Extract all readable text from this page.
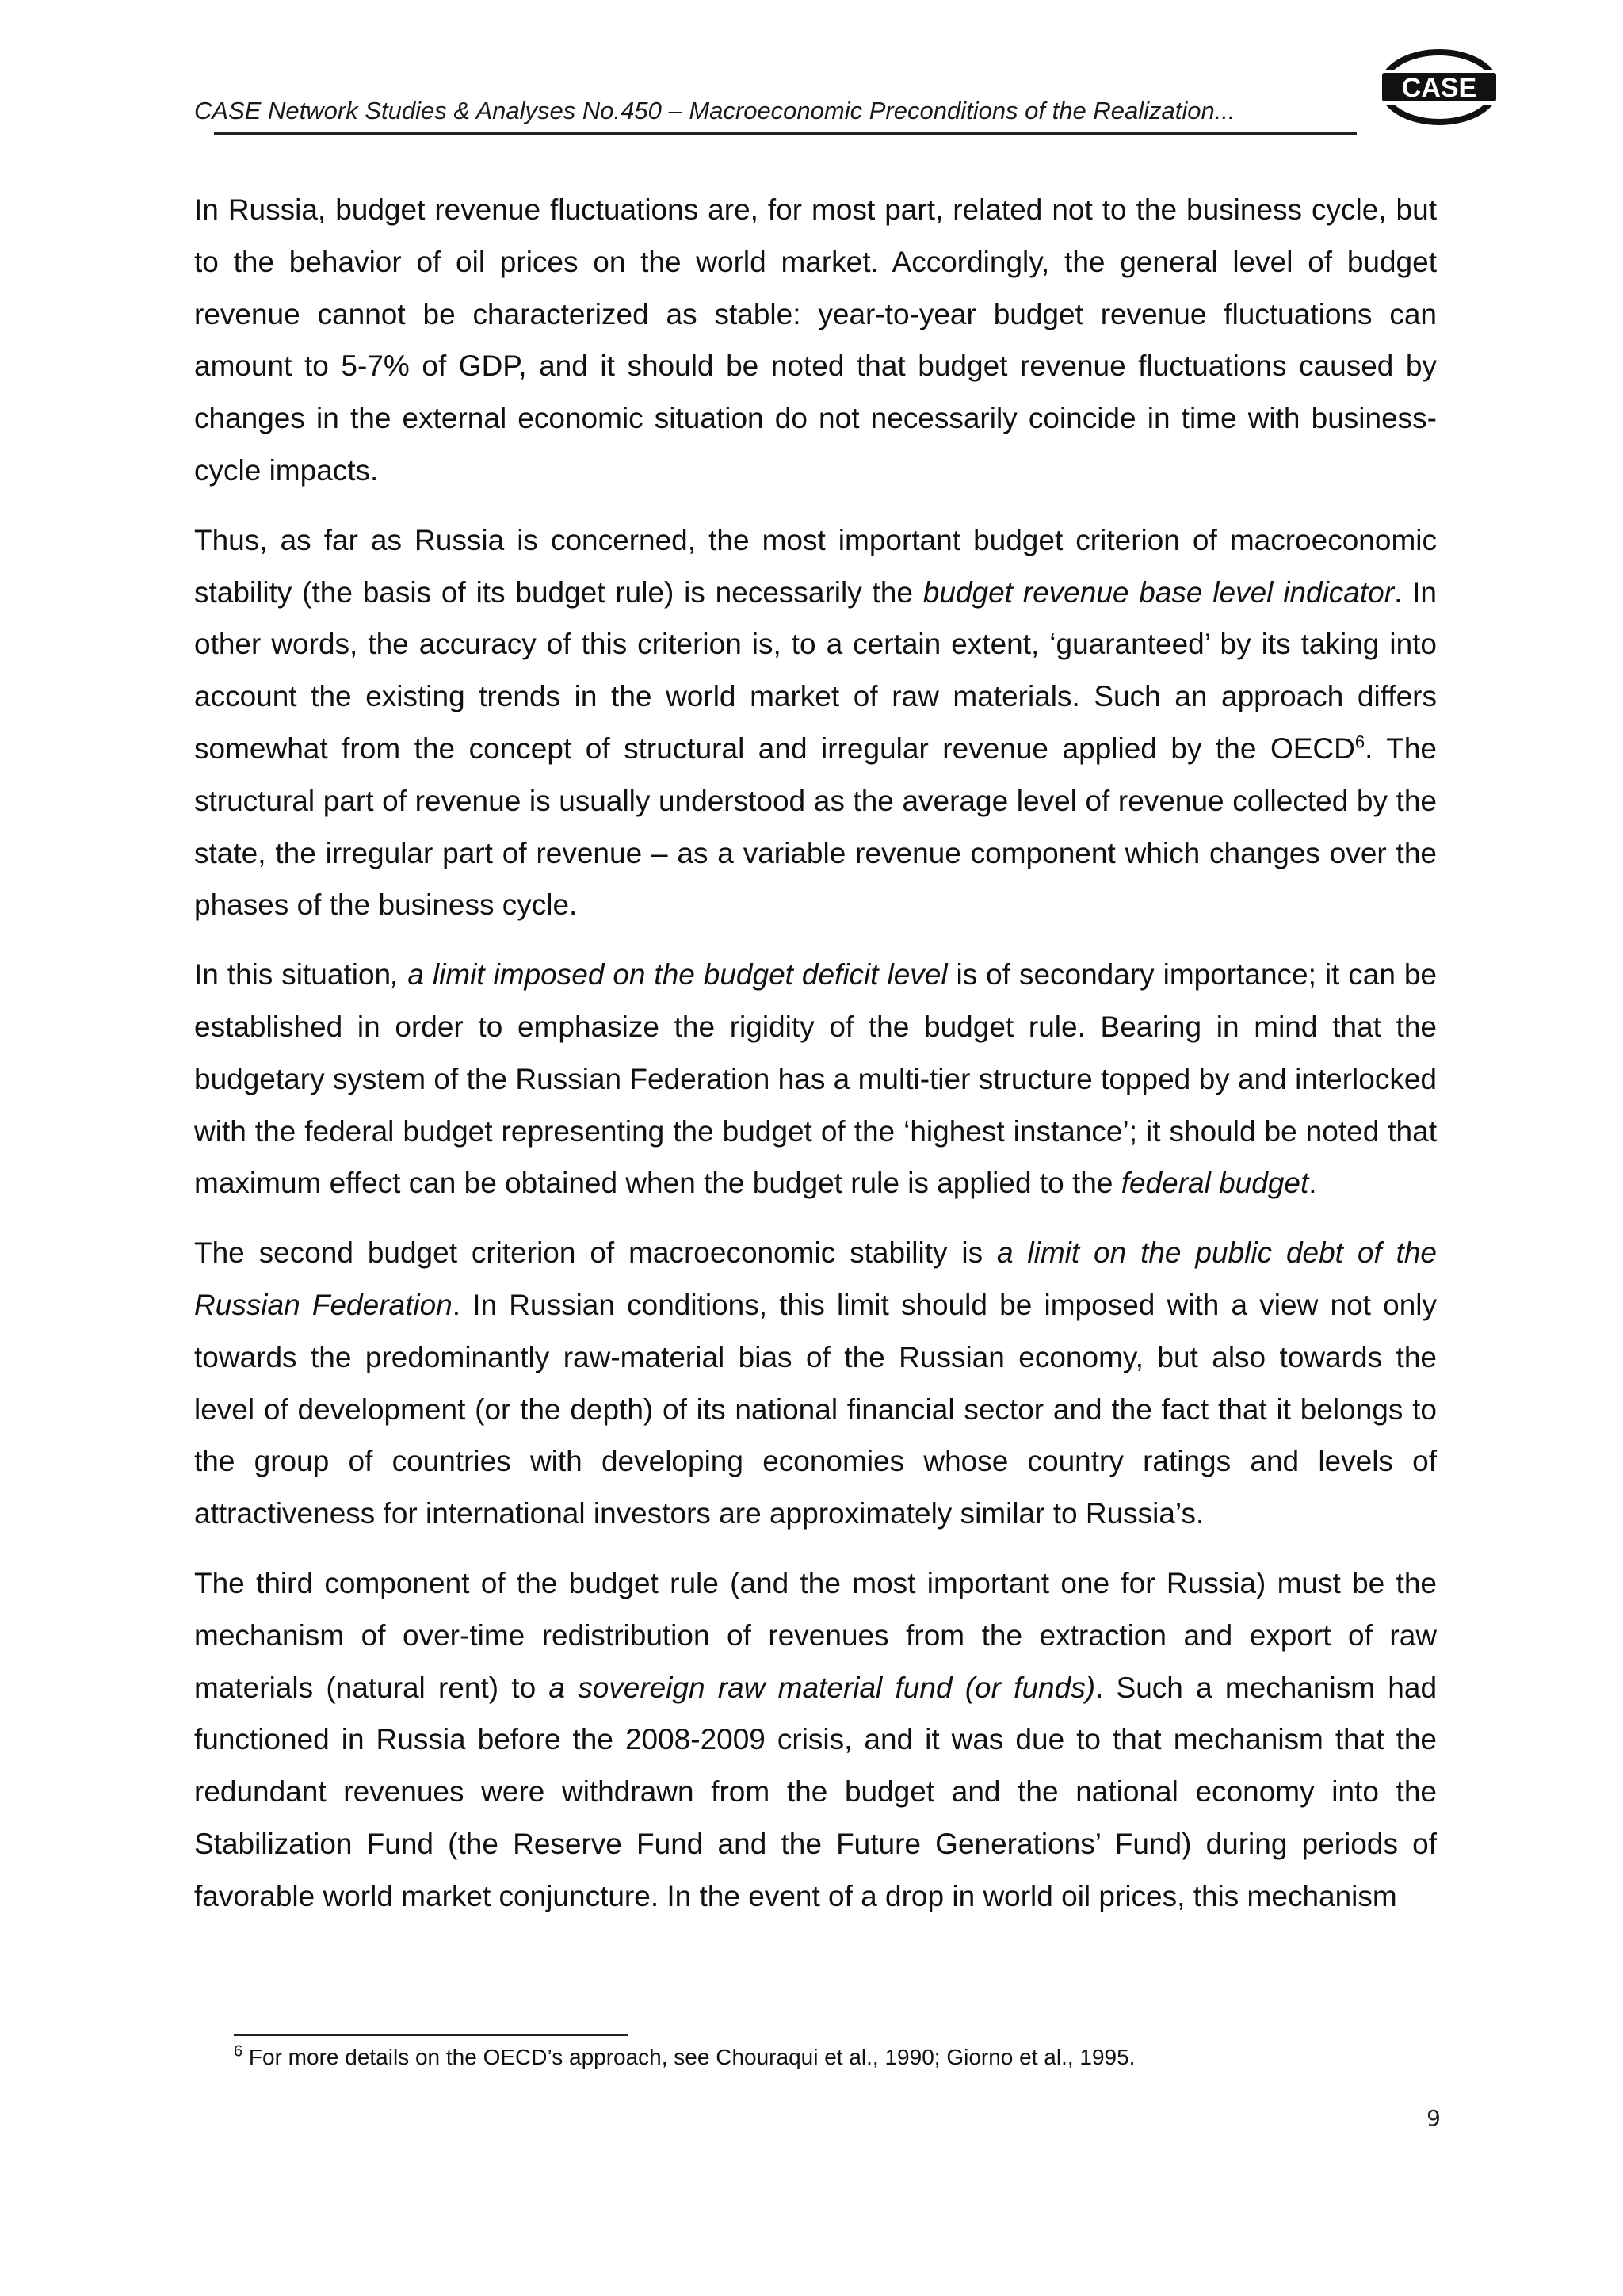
CASE Network Studies & Analyses No.450 – Macroeconomic Preconditions of the Realization...
CASE

In Russia, budget revenue fluctuations are, for most part, related not to the business cycle, but to the behavior of oil prices on the world market. Accordingly, the general level of budget revenue cannot be characterized as stable: year-to-year budget revenue fluctuations can amount to 5-7% of GDP, and it should be noted that budget revenue fluctuations caused by changes in the external economic situation do not necessarily coincide in time with business-cycle impacts.

Thus, as far as Russia is concerned, the most important budget criterion of macroeconomic stability (the basis of its budget rule) is necessarily the budget revenue base level indicator. In other words, the accuracy of this criterion is, to a certain extent, ‘guaranteed’ by its taking into account the existing trends in the world market of raw materials. Such an approach differs somewhat from the concept of structural and irregular revenue applied by the OECD$^6$. The structural part of revenue is usually understood as the average level of revenue collected by the state, the irregular part of revenue – as a variable revenue component which changes over the phases of the business cycle.

In this situation, a limit imposed on the budget deficit level is of secondary importance; it can be established in order to emphasize the rigidity of the budget rule. Bearing in mind that the budgetary system of the Russian Federation has a multi-tier structure topped by and interlocked with the federal budget representing the budget of the ‘highest instance’; it should be noted that maximum effect can be obtained when the budget rule is applied to the federal budget.

The second budget criterion of macroeconomic stability is a limit on the public debt of the Russian Federation. In Russian conditions, this limit should be imposed with a view not only towards the predominantly raw-material bias of the Russian economy, but also towards the level of development (or the depth) of its national financial sector and the fact that it belongs to the group of countries with developing economies whose country ratings and levels of attractiveness for international investors are approximately similar to Russia’s.

The third component of the budget rule (and the most important one for Russia) must be the mechanism of over-time redistribution of revenues from the extraction and export of raw materials (natural rent) to a sovereign raw material fund (or funds). Such a mechanism had functioned in Russia before the 2008-2009 crisis, and it was due to that mechanism that the redundant revenues were withdrawn from the budget and the national economy into the Stabilization Fund (the Reserve Fund and the Future Generations’ Fund) during periods of favorable world market conjuncture. In the event of a drop in world oil prices, this mechanism

$^6$ For more details on the OECD’s approach, see Chouraqui et al., 1990; Giorno et al., 1995.
9
